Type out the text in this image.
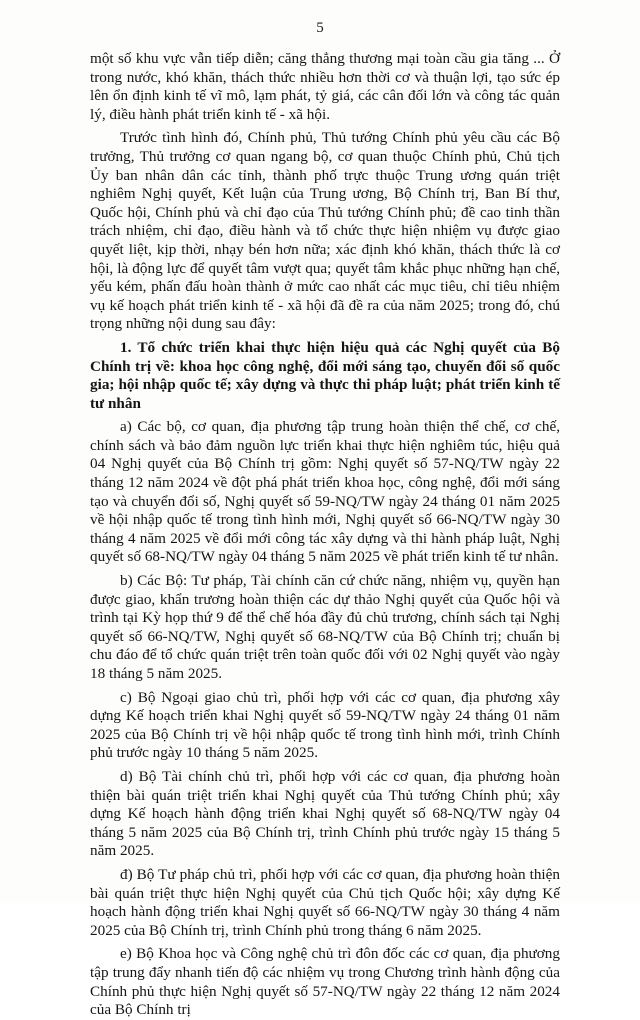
5

một số khu vực vẫn tiếp diễn; căng thẳng thương mại toàn cầu gia tăng ... Ở trong nước, khó khăn, thách thức nhiều hơn thời cơ và thuận lợi, tạo sức ép lên ổn định kinh tế vĩ mô, lạm phát, tỷ giá, các cân đối lớn và công tác quản lý, điều hành phát triển kinh tế - xã hội.

Trước tình hình đó, Chính phủ, Thủ tướng Chính phủ yêu cầu các Bộ trưởng, Thủ trưởng cơ quan ngang bộ, cơ quan thuộc Chính phủ, Chủ tịch Ủy ban nhân dân các tỉnh, thành phố trực thuộc Trung ương quán triệt nghiêm Nghị quyết, Kết luận của Trung ương, Bộ Chính trị, Ban Bí thư, Quốc hội, Chính phủ và chỉ đạo của Thủ tướng Chính phủ; đề cao tinh thần trách nhiệm, chỉ đạo, điều hành và tổ chức thực hiện nhiệm vụ được giao quyết liệt, kịp thời, nhạy bén hơn nữa; xác định khó khăn, thách thức là cơ hội, là động lực để quyết tâm vượt qua; quyết tâm khắc phục những hạn chế, yếu kém, phấn đấu hoàn thành ở mức cao nhất các mục tiêu, chỉ tiêu nhiệm vụ kế hoạch phát triển kinh tế - xã hội đã đề ra của năm 2025; trong đó, chú trọng những nội dung sau đây:

1. Tổ chức triển khai thực hiện hiệu quả các Nghị quyết của Bộ Chính trị về: khoa học công nghệ, đổi mới sáng tạo, chuyển đổi số quốc gia; hội nhập quốc tế; xây dựng và thực thi pháp luật; phát triển kinh tế tư nhân

a) Các bộ, cơ quan, địa phương tập trung hoàn thiện thể chế, cơ chế, chính sách và bảo đảm nguồn lực triển khai thực hiện nghiêm túc, hiệu quả 04 Nghị quyết của Bộ Chính trị gồm: Nghị quyết số 57-NQ/TW ngày 22 tháng 12 năm 2024 về đột phá phát triển khoa học, công nghệ, đổi mới sáng tạo và chuyển đổi số, Nghị quyết số 59-NQ/TW ngày 24 tháng 01 năm 2025 về hội nhập quốc tế trong tình hình mới, Nghị quyết số 66-NQ/TW ngày 30 tháng 4 năm 2025 về đổi mới công tác xây dựng và thi hành pháp luật, Nghị quyết số 68-NQ/TW ngày 04 tháng 5 năm 2025 về phát triển kinh tế tư nhân.

b) Các Bộ: Tư pháp, Tài chính căn cứ chức năng, nhiệm vụ, quyền hạn được giao, khẩn trương hoàn thiện các dự thảo Nghị quyết của Quốc hội và trình tại Kỳ họp thứ 9 để thể chế hóa đầy đủ chủ trương, chính sách tại Nghị quyết số 66-NQ/TW, Nghị quyết số 68-NQ/TW của Bộ Chính trị; chuẩn bị chu đáo để tổ chức quán triệt trên toàn quốc đối với 02 Nghị quyết vào ngày 18 tháng 5 năm 2025.

c) Bộ Ngoại giao chủ trì, phối hợp với các cơ quan, địa phương xây dựng Kế hoạch triển khai Nghị quyết số 59-NQ/TW ngày 24 tháng 01 năm 2025 của Bộ Chính trị về hội nhập quốc tế trong tình hình mới, trình Chính phủ trước ngày 10 tháng 5 năm 2025.

d) Bộ Tài chính chủ trì, phối hợp với các cơ quan, địa phương hoàn thiện bài quán triệt triển khai Nghị quyết của Thủ tướng Chính phủ; xây dựng Kế hoạch hành động triển khai Nghị quyết số 68-NQ/TW ngày 04 tháng 5 năm 2025 của Bộ Chính trị, trình Chính phủ trước ngày 15 tháng 5 năm 2025.

đ) Bộ Tư pháp chủ trì, phối hợp với các cơ quan, địa phương hoàn thiện bài quán triệt thực hiện Nghị quyết của Chủ tịch Quốc hội; xây dựng Kế hoạch hành động triển khai Nghị quyết số 66-NQ/TW ngày 30 tháng 4 năm 2025 của Bộ Chính trị, trình Chính phủ trong tháng 6 năm 2025.

e) Bộ Khoa học và Công nghệ chủ trì đôn đốc các cơ quan, địa phương tập trung đẩy nhanh tiến độ các nhiệm vụ trong Chương trình hành động của Chính phủ thực hiện Nghị quyết số 57-NQ/TW ngày 22 tháng 12 năm 2024 của Bộ Chính trị
